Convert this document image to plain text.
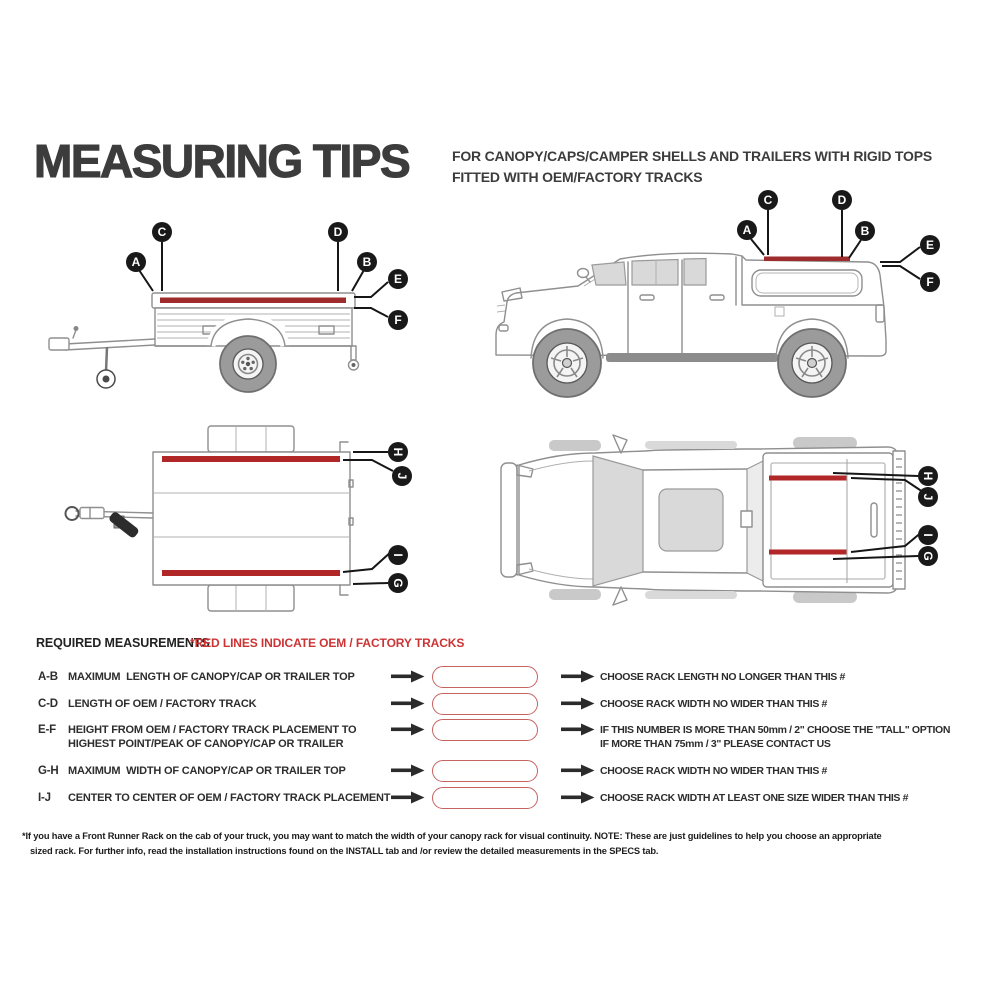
MEASURING TIPS	FOR CANOPY/CAPS/CAMPER SHELLS AND TRAILERS WITH RIGID TOPS
FITTED WITH OEM/FACTORY TRACKS
A
C	D
B
E
F
C	D
A	B
E
F
H
J
I
G
H
J
I
G
REQUIRED MEASUREMENTS
*RED LINES INDICATE OEM / FACTORY TRACKS
A-B MAXIMUM  LENGTH OF CANOPY/CAP OR TRAILER TOP	CHOOSE RACK LENGTH NO LONGER THAN THIS #
C-D LENGTH OF OEM / FACTORY TRACK	CHOOSE RACK WIDTH NO WIDER THAN THIS #
E-F HEIGHT FROM OEM / FACTORY TRACK PLACEMENT TO
HIGHEST POINT/PEAK OF CANOPY/CAP OR TRAILER
IF THIS NUMBER IS MORE THAN 50mm / 2" CHOOSE THE "TALL" OPTION
IF MORE THAN 75mm / 3" PLEASE CONTACT US
G-H MAXIMUM  WIDTH OF CANOPY/CAP OR TRAILER TOP	CHOOSE RACK WIDTH NO WIDER THAN THIS #
I-J CENTER TO CENTER OF OEM / FACTORY TRACK PLACEMENT	CHOOSE RACK WIDTH AT LEAST ONE SIZE WIDER THAN THIS #
*If you have a Front Runner Rack on the cab of your truck, you may want to match the width of your canopy rack for visual continuity. NOTE: These are just guidelines to help you choose an appropriate
sized rack. For further info, read the installation instructions found on the INSTALL tab and /or review the detailed measurements in the SPECS tab.
